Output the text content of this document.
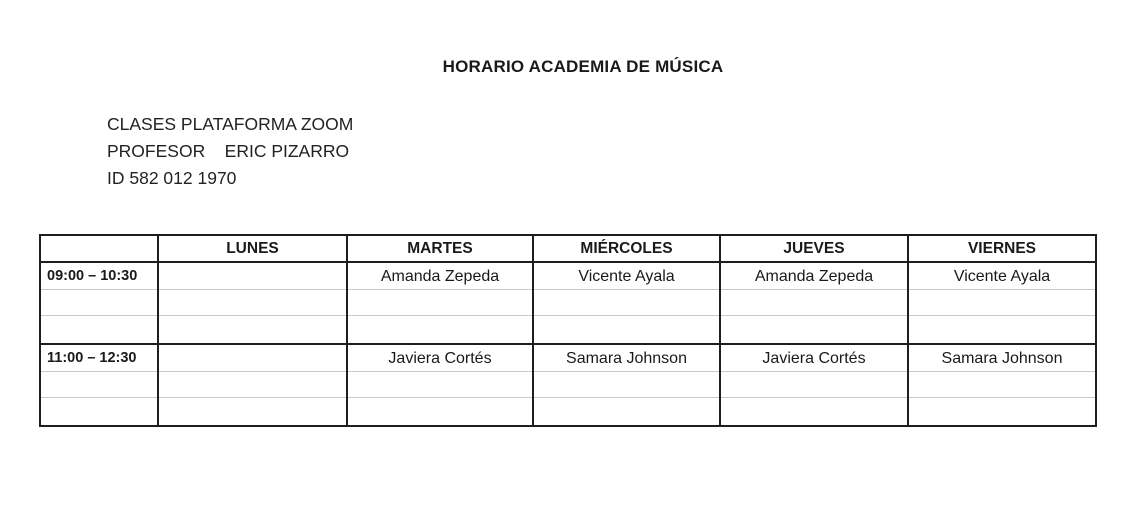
HORARIO ACADEMIA DE MÚSICA
CLASES PLATAFORMA ZOOM
PROFESOR    ERIC PIZARRO
ID 582 012 1970
	LUNES	MARTES	MIÉRCOLES	JUEVES	VIERNES

09:00 – 10:30		Amanda Zepeda	Vicente Ayala	Amanda Zepeda	Vicente Ayala

11:00 – 12:30		Javiera Cortés	Samara Johnson	Javiera Cortés	Samara Johnson
